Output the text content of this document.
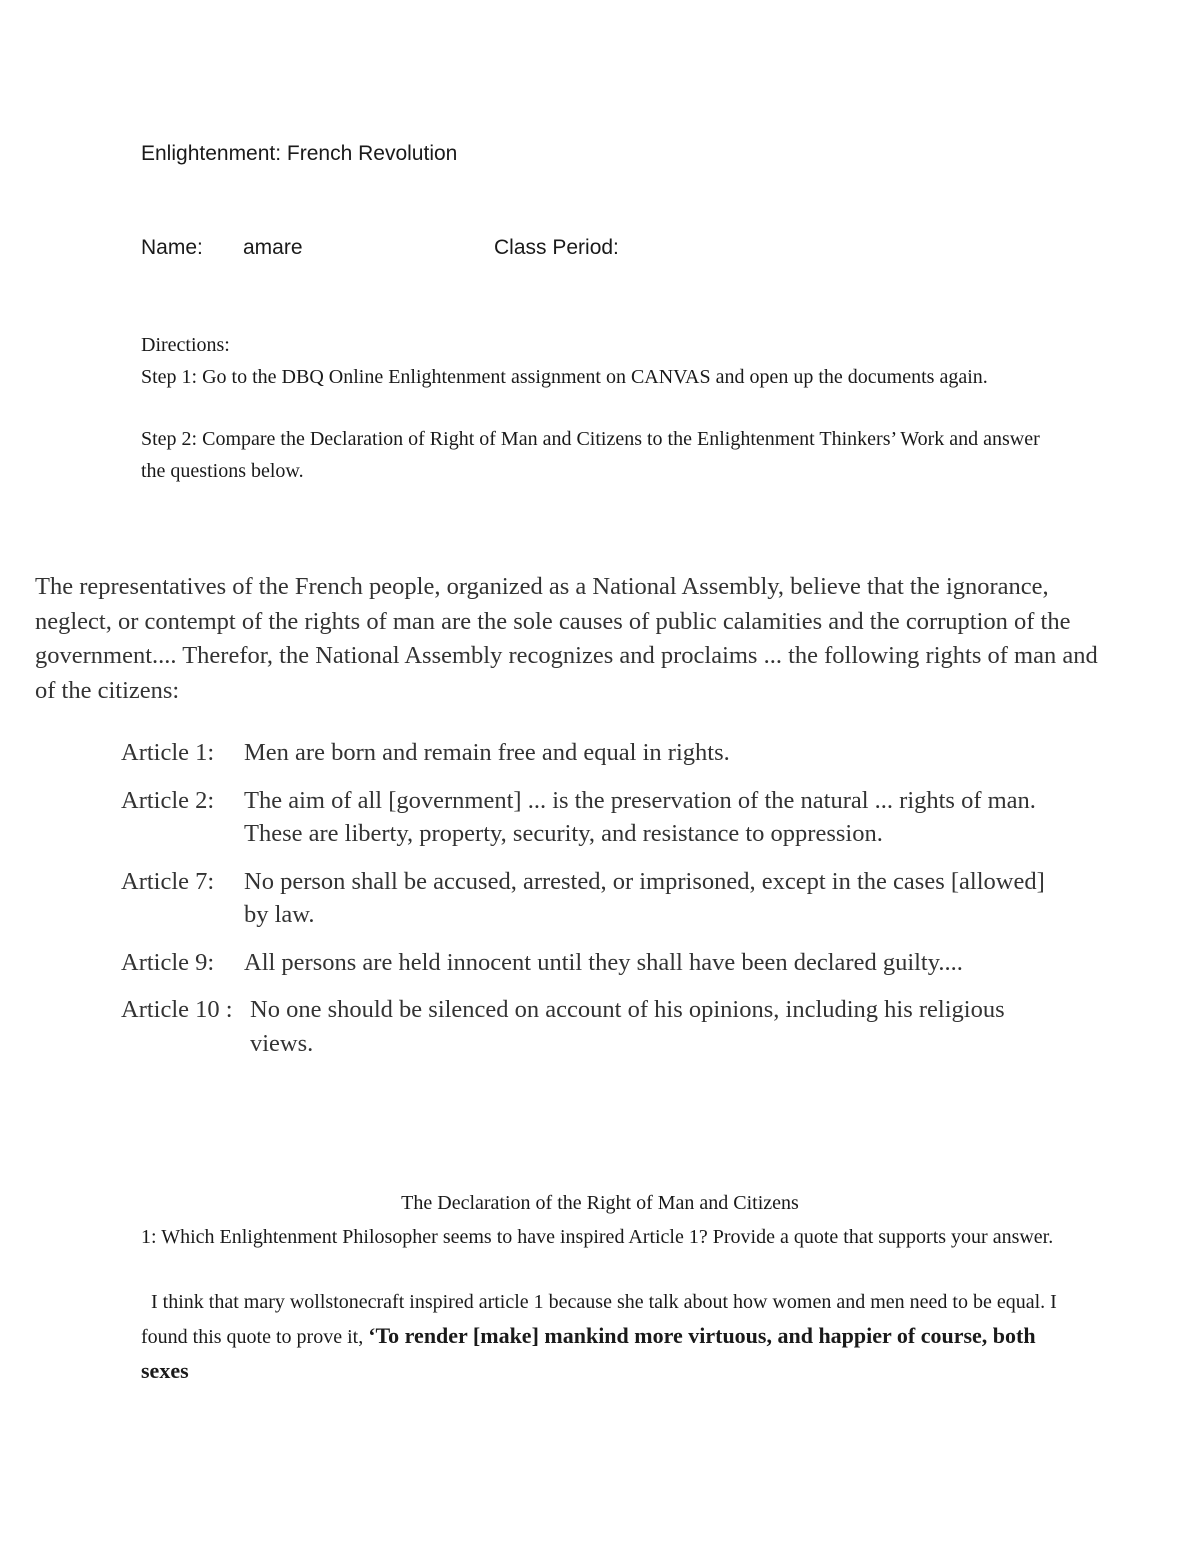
Enlightenment: French Revolution
Name: amare	Class Period:

Directions:

Step 1: Go to the DBQ Online Enlightenment assignment on CANVAS and open up the documents again.

Step 2: Compare the Declaration of Right of Man and Citizens to the Enlightenment Thinkers’ Work and answer the questions below.

The representatives of the French people, organized as a National Assembly, believe that the ignorance, neglect, or contempt of the rights of man are the sole causes of public calamities and the corruption of the government.... Therefor, the National Assembly recognizes and proclaims ... the following rights of man and of the citizens:
Article 1:	Men are born and remain free and equal in rights.
Article 2:	The aim of all [government] ... is the preservation of the natural ... rights of man. These are liberty, property, security, and resistance to oppression.
Article 7:	No person shall be accused, arrested, or imprisoned, except in the cases [allowed] by law.
Article 9:	All persons are held innocent until they shall have been declared guilty....
Article 10 : No one should be silenced on account of his opinions, including his religious views.
The Declaration of the Right of Man and Citizens

1: Which Enlightenment Philosopher seems to have inspired Article 1? Provide a quote that supports your answer.

I think that mary wollstonecraft inspired article 1 because she talk about how women and men need to be equal. I found this quote to prove it, ‘To render [make] mankind more virtuous, and happier of course, both sexes
